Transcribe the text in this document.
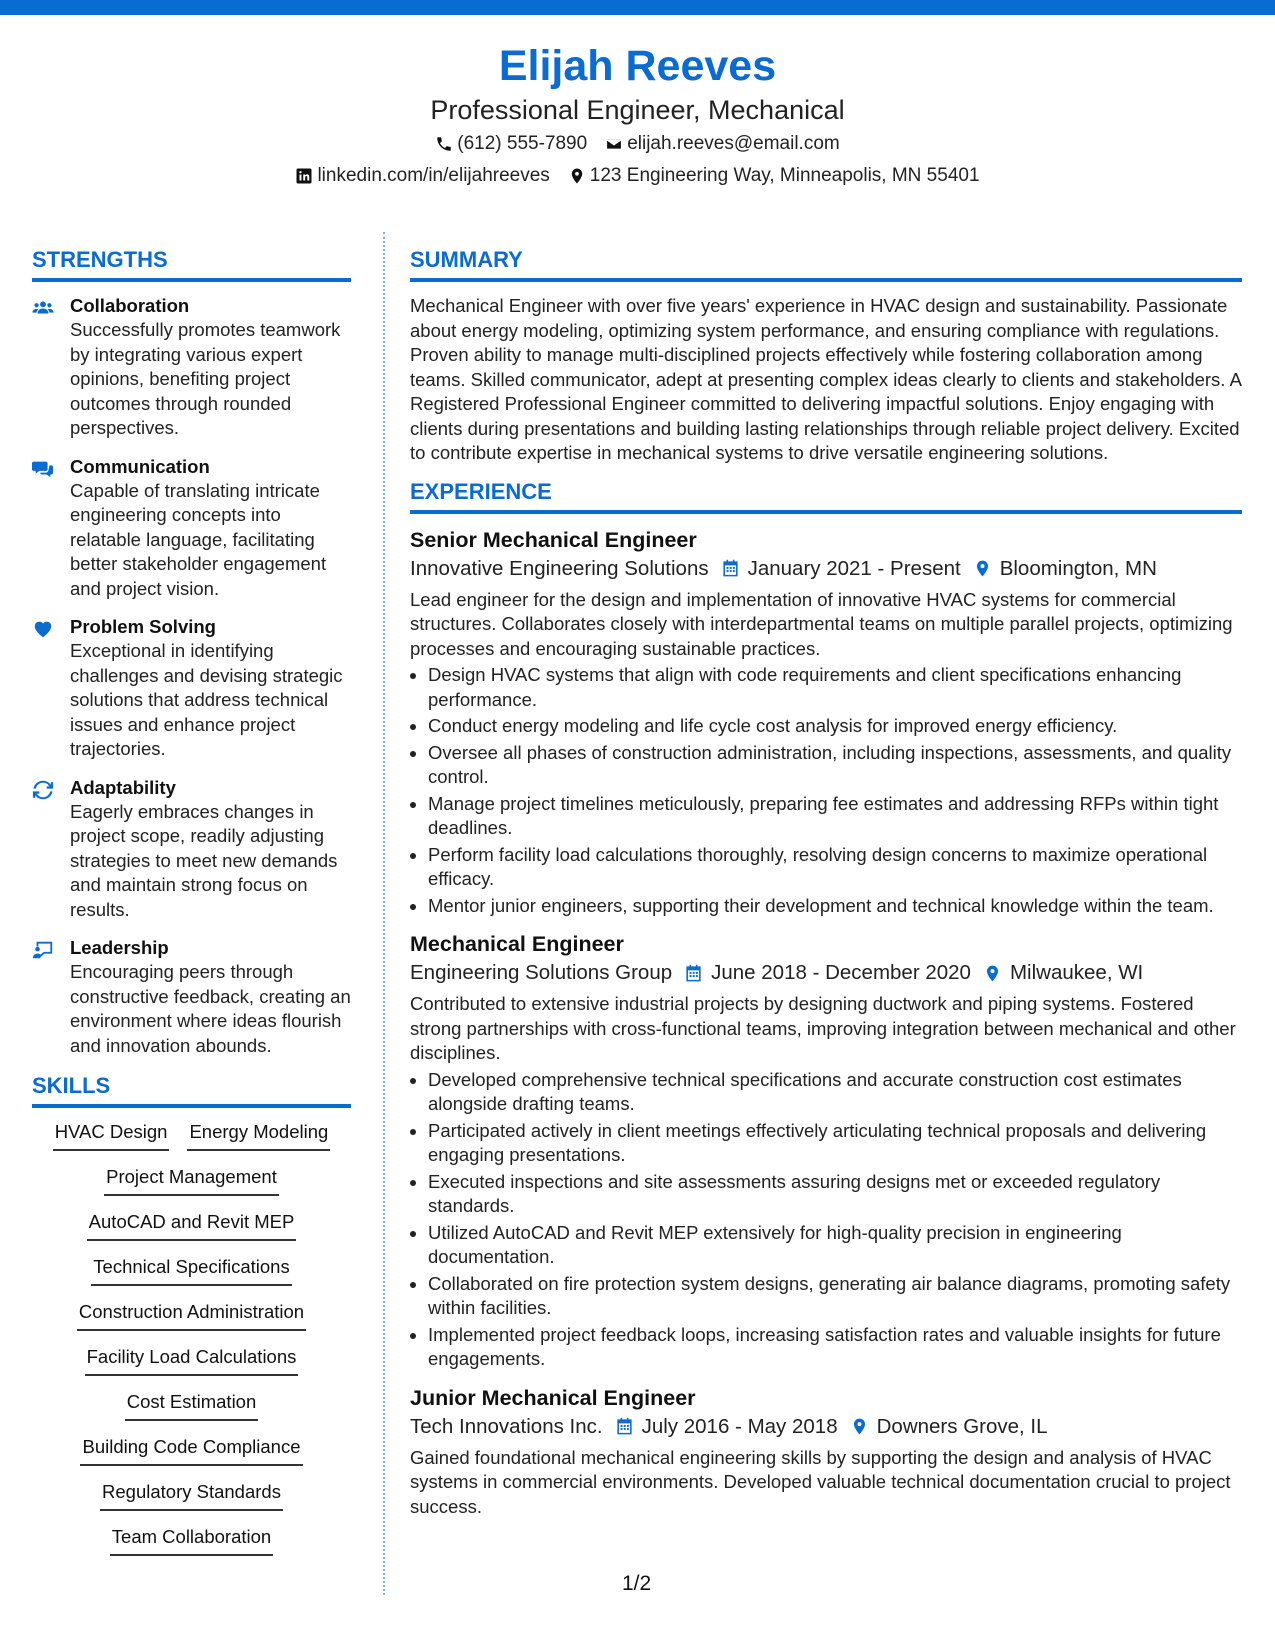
Elijah Reeves
Professional Engineer, Mechanical
(612) 555-7890 elijah.reeves@email.com
linkedin.com/in/elijahreeves 123 Engineering Way, Minneapolis, MN 55401
STRENGTHS
Collaboration
Successfully promotes teamwork by integrating various expert opinions, benefiting project outcomes through rounded perspectives.
Communication
Capable of translating intricate engineering concepts into relatable language, facilitating better stakeholder engagement and project vision.
Problem Solving
Exceptional in identifying challenges and devising strategic solutions that address technical issues and enhance project trajectories.
Adaptability
Eagerly embraces changes in project scope, readily adjusting strategies to meet new demands and maintain strong focus on results.
Leadership
Encouraging peers through constructive feedback, creating an environment where ideas flourish and innovation abounds.
SKILLS
HVAC Design Energy Modeling
Project Management
AutoCAD and Revit MEP
Technical Specifications
Construction Administration
Facility Load Calculations
Cost Estimation
Building Code Compliance
Regulatory Standards
Team Collaboration
SUMMARY
Mechanical Engineer with over five years' experience in HVAC design and sustainability. Passionate about energy modeling, optimizing system performance, and ensuring compliance with regulations. Proven ability to manage multi-disciplined projects effectively while fostering collaboration among teams. Skilled communicator, adept at presenting complex ideas clearly to clients and stakeholders. A Registered Professional Engineer committed to delivering impactful solutions. Enjoy engaging with clients during presentations and building lasting relationships through reliable project delivery. Excited to contribute expertise in mechanical systems to drive versatile engineering solutions.
EXPERIENCE
Senior Mechanical Engineer
Innovative Engineering Solutions January 2021 - Present Bloomington, MN
Lead engineer for the design and implementation of innovative HVAC systems for commercial structures. Collaborates closely with interdepartmental teams on multiple parallel projects, optimizing processes and encouraging sustainable practices.
• Design HVAC systems that align with code requirements and client specifications enhancing performance.
• Conduct energy modeling and life cycle cost analysis for improved energy efficiency.
• Oversee all phases of construction administration, including inspections, assessments, and quality control.
• Manage project timelines meticulously, preparing fee estimates and addressing RFPs within tight deadlines.
• Perform facility load calculations thoroughly, resolving design concerns to maximize operational efficacy.
• Mentor junior engineers, supporting their development and technical knowledge within the team.
Mechanical Engineer
Engineering Solutions Group June 2018 - December 2020 Milwaukee, WI
Contributed to extensive industrial projects by designing ductwork and piping systems. Fostered strong partnerships with cross-functional teams, improving integration between mechanical and other disciplines.
• Developed comprehensive technical specifications and accurate construction cost estimates alongside drafting teams.
• Participated actively in client meetings effectively articulating technical proposals and delivering engaging presentations.
• Executed inspections and site assessments assuring designs met or exceeded regulatory standards.
• Utilized AutoCAD and Revit MEP extensively for high-quality precision in engineering documentation.
• Collaborated on fire protection system designs, generating air balance diagrams, promoting safety within facilities.
• Implemented project feedback loops, increasing satisfaction rates and valuable insights for future engagements.
Junior Mechanical Engineer
Tech Innovations Inc. July 2016 - May 2018 Downers Grove, IL
Gained foundational mechanical engineering skills by supporting the design and analysis of HVAC systems in commercial environments. Developed valuable technical documentation crucial to project success.
1/2
